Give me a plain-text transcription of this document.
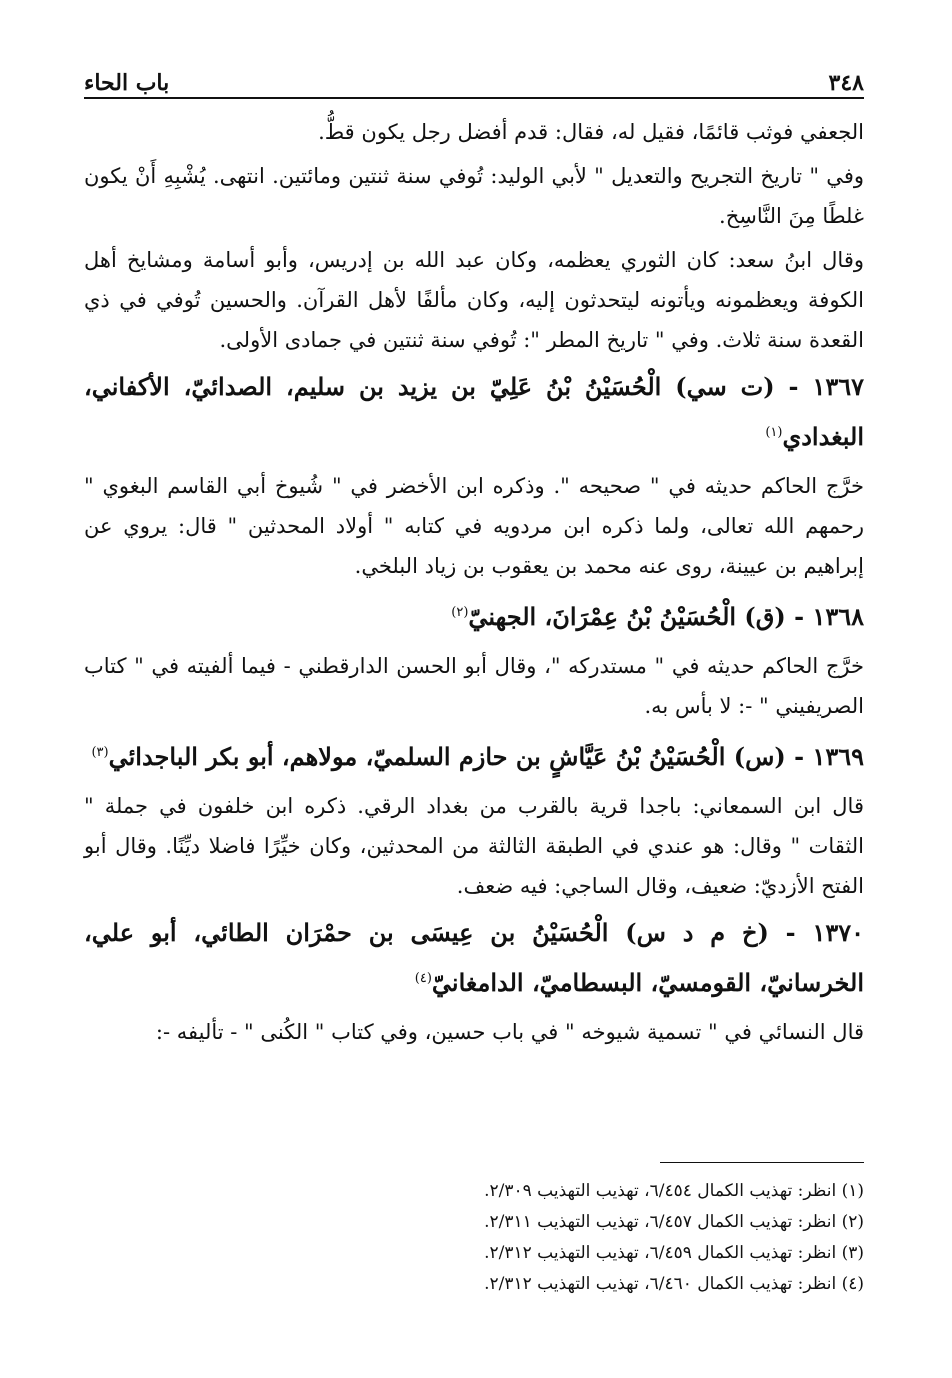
باب الحاء	٣٤٨

الجعفي فوثب قائمًا، فقيل له، فقال: قدم أفضل رجل يكون قطُّ.

وفي " تاريخ التجريح والتعديل " لأبي الوليد: تُوفي سنة ثنتين ومائتين. انتهى. يُشْبِهِ أَنْ يكون غلطًا مِنَ النَّاسِخ.

وقال ابنُ سعد: كان الثوري يعظمه، وكان عبد الله بن إدريس، وأبو أسامة ومشايخ أهل الكوفة ويعظمونه ويأتونه ليتحدثون إليه، وكان مألفًا لأهل القرآن. والحسين تُوفي في ذي القعدة سنة ثلاث. وفي " تاريخ المطر ": تُوفي سنة ثنتين في جمادى الأولى.

١٣٦٧ - (ت سي) الْحُسَيْنُ بْنُ عَلِيّ بن يزيد بن سليم، الصدائيّ، الأكفاني، البغدادي$^{(١)}$

خرَّج الحاكم حديثه في " صحيحه ". وذكره ابن الأخضر في " شُيوخ أبي القاسم البغوي " رحمهم الله تعالى، ولما ذكره ابن مردويه في كتابه " أولاد المحدثين " قال: يروي عن إبراهيم بن عيينة، روى عنه محمد بن يعقوب بن زياد البلخي.

١٣٦٨ - (ق) الْحُسَيْنُ بْنُ عِمْرَانَ، الجهنيّ$^{(٢)}$

خرَّج الحاكم حديثه في " مستدركه "، وقال أبو الحسن الدارقطني - فيما ألفيته في " كتاب الصريفيني " -: لا بأس به.

١٣٦٩ - (س) الْحُسَيْنُ بْنُ عَيَّاشٍ بن حازم السلميّ، مولاهم، أبو بكر الباجدائي$^{(٣)}$

قال ابن السمعاني: باجدا قرية بالقرب من بغداد الرقي. ذكره ابن خلفون في جملة " الثقات " وقال: هو عندي في الطبقة الثالثة من المحدثين، وكان خيِّرًا فاضلا ديِّنًا. وقال أبو الفتح الأزديّ: ضعيف، وقال الساجي: فيه ضعف.

١٣٧٠ - (خ م د س) الْحُسَيْنُ بن عِيسَى بن حمْرَان الطائي، أبو علي، الخرسانيّ، القومسيّ، البسطاميّ، الدامغانيّ$^{(٤)}$

قال النسائي في " تسمية شيوخه " في باب حسين، وفي كتاب " الكُنى " - تأليفه -:

(١) انظر: تهذيب الكمال ٦/٤٥٤، تهذيب التهذيب ٢/٣٠٩.

(٢) انظر: تهذيب الكمال ٦/٤٥٧، تهذيب التهذيب ٢/٣١١.

(٣) انظر: تهذيب الكمال ٦/٤٥٩، تهذيب التهذيب ٢/٣١٢.

(٤) انظر: تهذيب الكمال ٦/٤٦٠، تهذيب التهذيب ٢/٣١٢.
